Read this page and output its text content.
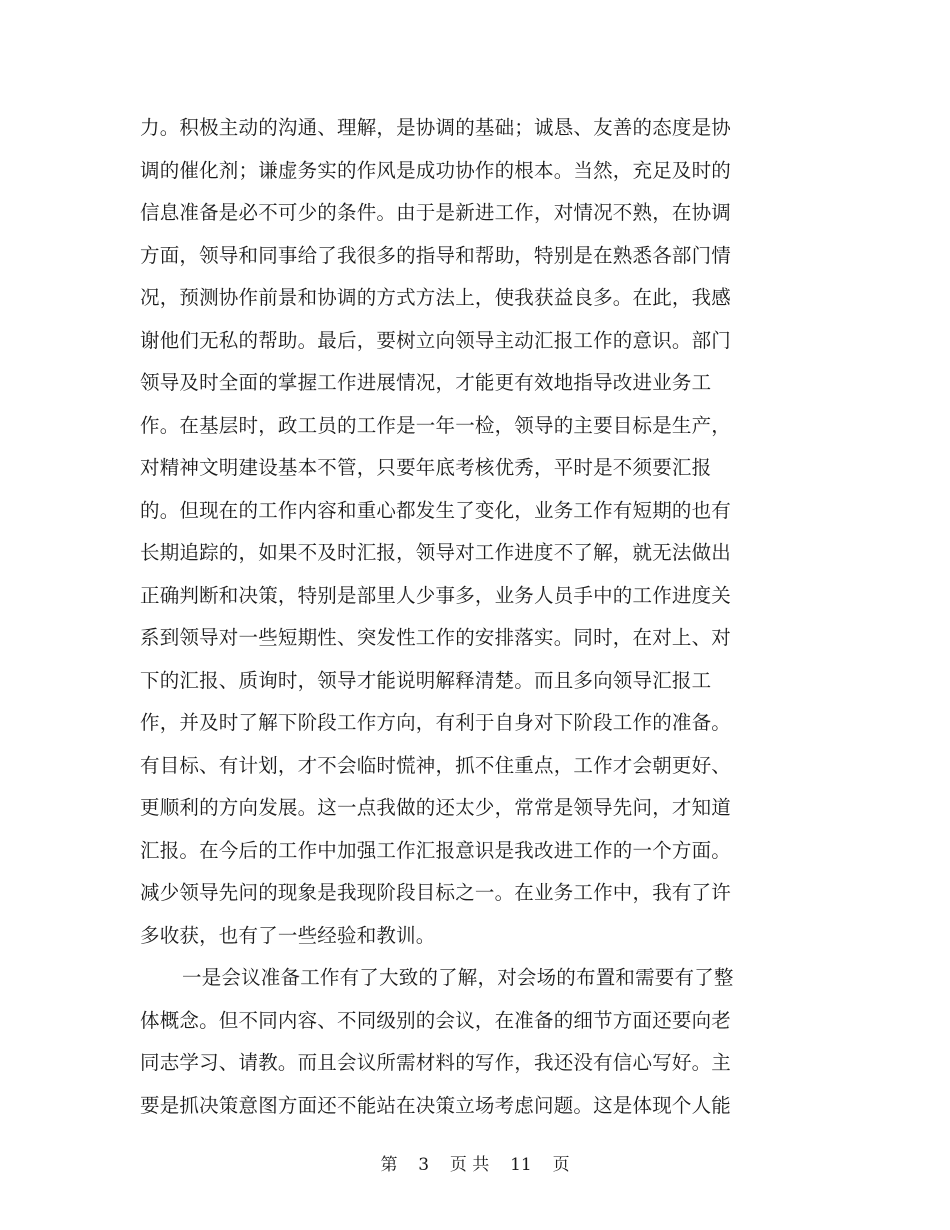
力。积极主动的沟通、理解，是协调的基础；诚恳、友善的态度是协
调的催化剂；谦虚务实的作风是成功协作的根本。当然，充足及时的
信息准备是必不可少的条件。由于是新进工作，对情况不熟，在协调
方面，领导和同事给了我很多的指导和帮助，特别是在熟悉各部门情
况，预测协作前景和协调的方式方法上，使我获益良多。在此，我感
谢他们无私的帮助。最后，要树立向领导主动汇报工作的意识。部门
领导及时全面的掌握工作进展情况，才能更有效地指导改进业务工
作。在基层时，政工员的工作是一年一检，领导的主要目标是生产，
对精神文明建设基本不管，只要年底考核优秀，平时是不须要汇报
的。但现在的工作内容和重心都发生了变化，业务工作有短期的也有
长期追踪的，如果不及时汇报，领导对工作进度不了解，就无法做出
正确判断和决策，特别是部里人少事多，业务人员手中的工作进度关
系到领导对一些短期性、突发性工作的安排落实。同时，在对上、对
下的汇报、质询时，领导才能说明解释清楚。而且多向领导汇报工
作，并及时了解下阶段工作方向，有利于自身对下阶段工作的准备。
有目标、有计划，才不会临时慌神，抓不住重点，工作才会朝更好、
更顺利的方向发展。这一点我做的还太少，常常是领导先问，才知道
汇报。在今后的工作中加强工作汇报意识是我改进工作的一个方面。
减少领导先问的现象是我现阶段目标之一。在业务工作中，我有了许
多收获，也有了一些经验和教训。
一是会议准备工作有了大致的了解，对会场的布置和需要有了整
体概念。但不同内容、不同级别的会议，在准备的细节方面还要向老
同志学习、请教。而且会议所需材料的写作，我还没有信心写好。主
要是抓决策意图方面还不能站在决策立场考虑问题。这是体现个人能
第 3 页 共 11 页
